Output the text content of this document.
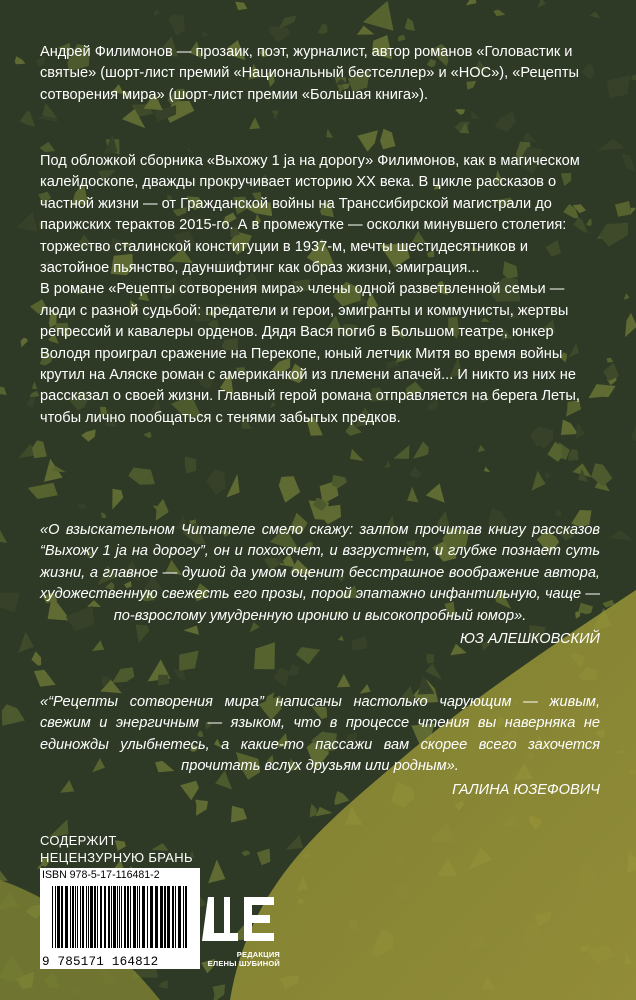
Андрей Филимонов — прозаик, поэт, журналист, автор романов «Головастик и святые» (шорт-лист премий «Национальный бестселлер» и «НОС»), «Рецепты сотворения мира» (шорт-лист премии «Большая книга»).

Под обложкой сборника «Выхожу 1 ja на дорогу» Филимонов, как в магическом калейдоскопе, дважды прокручивает историю XX века. В цикле рассказов о частной жизни — от Гражданской войны на Транссибирской магистрали до парижских терактов 2015-го. А в промежутке — осколки минувшего столетия: торжество сталинской конституции в 1937-м, мечты шестидесятников и застойное пьянство, дауншифтинг как образ жизни, эмиграция...

В романе «Рецепты сотворения мира» члены одной разветвленной семьи — люди с разной судьбой: предатели и герои, эмигранты и коммунисты, жертвы репрессий и кавалеры орденов. Дядя Вася погиб в Большом театре, юнкер Володя проиграл сражение на Перекопе, юный летчик Митя во время войны крутил на Аляске роман с американкой из племени апачей... И никто из них не рассказал о своей жизни. Главный герой романа отправляется на берега Леты, чтобы лично пообщаться с тенями забытых предков.

«О взыскательном Читателе смело скажу: залпом прочитав книгу рассказов “Выхожу 1 ja на дорогу”, он и похохочет, и взгрустнет, и глубже познает суть жизни, а главное — душой да умом оценит бесстрашное воображение автора, художественную свежесть его прозы, порой эпатажно инфантильную, чаще — по-взрослому умудренную иронию и высокопробный юмор».

ЮЗ АЛЕШКОВСКИЙ

«“Рецепты сотворения мира” написаны настолько чарующим — живым, свежим и энергичным — языком, что в процессе чтения вы наверняка не единожды улыбнетесь, а какие-то пассажи вам скорее всего захочется прочитать вслух друзьям или родным».

ГАЛИНА ЮЗЕФОВИЧ
СОДЕРЖИТ
НЕЦЕНЗУРНУЮ БРАНЬ
ISBN 978-5-17-116481-2
9 785171 164812
РЕДАКЦИЯ
ЕЛЕНЫ ШУБИНОЙ
